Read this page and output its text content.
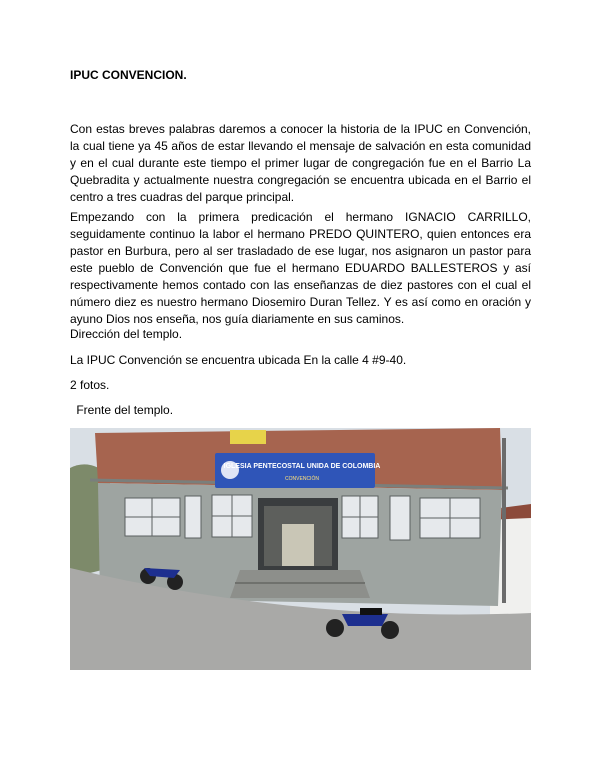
IPUC CONVENCION.

Con estas breves palabras daremos a conocer la historia de la IPUC en Convención, la cual tiene ya 45 años de estar llevando el mensaje de salvación en esta comunidad y en el cual durante este tiempo el primer lugar de congregación fue en el Barrio La Quebradita y actualmente nuestra congregación se encuentra ubicada en el Barrio el centro a tres cuadras del parque principal.

Empezando con la primera predicación el hermano IGNACIO CARRILLO, seguidamente continuo la labor el hermano PREDO QUINTERO, quien entonces era pastor en Burbura, pero al ser trasladado de ese lugar, nos asignaron un pastor para este pueblo de Convención que fue el hermano EDUARDO BALLESTEROS y así respectivamente hemos contado con las enseñanzas de diez pastores con el cual el número diez es nuestro hermano Diosemiro Duran Tellez. Y es así como en oración y ayuno Dios nos enseña, nos guía diariamente en sus caminos.

Dirección del templo.

La IPUC Convención se encuentra ubicada En la calle 4 #9-40.

2 fotos.

Frente del templo.

IGLESIA PENTECOSTAL UNIDA DE COLOMBIA
CONVENCIÓN
